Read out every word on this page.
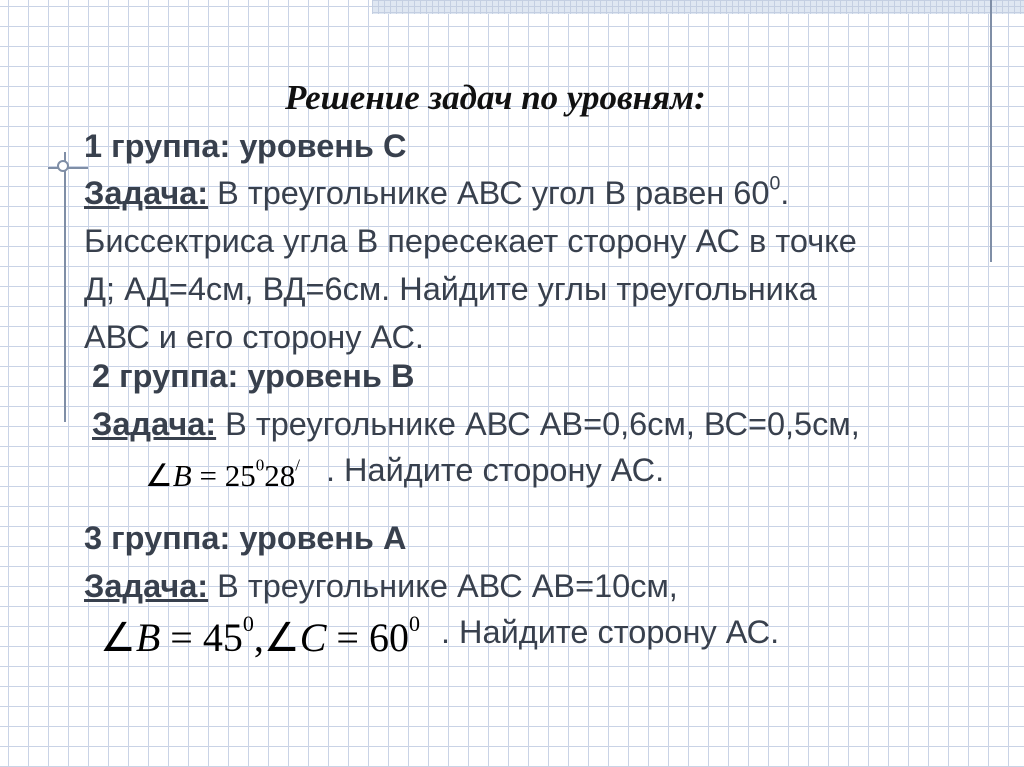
Решение задач по уровням:

1 группа: уровень С

Задача: В треугольнике АВС угол В равен $60^0$.

Биссектриса угла В пересекает сторону АС в точке

Д; АД=4см, ВД=6см. Найдите углы треугольника

АВС и его сторону АС.

2 группа: уровень В

Задача: В треугольнике АВС АВ=0,6см, ВС=0,5см,

∠B = $25^028^/$ . Найдите сторону АС.

3 группа: уровень А

Задача: В треугольнике АВС АВ=10см,

∠B = $45^0,\angle C = 60^0$ . Найдите сторону АС.
